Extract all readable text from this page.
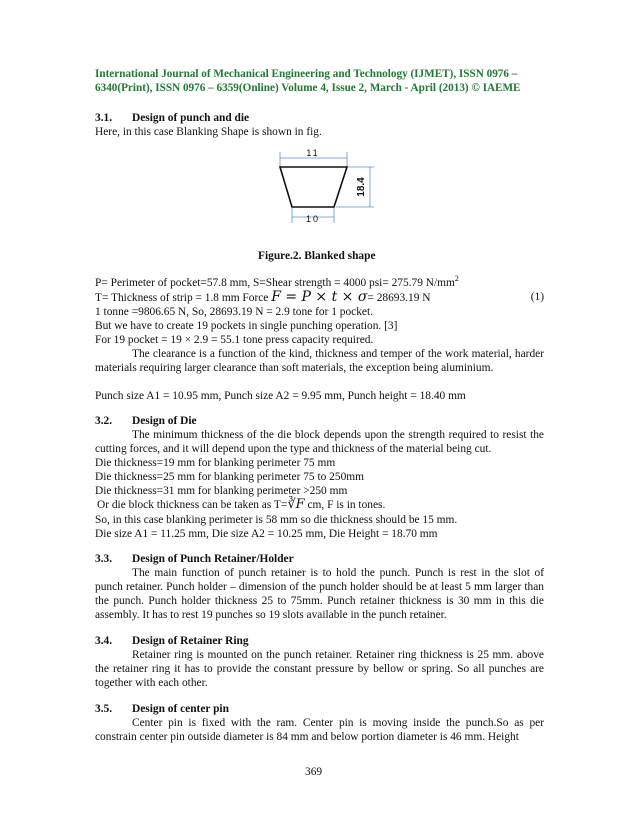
International Journal of Mechanical Engineering and Technology (IJMET), ISSN 0976 –
6340(Print), ISSN 0976 – 6359(Online) Volume 4, Issue 2, March - April (2013) © IAEME
3.1. Design of punch and die
Here, in this case Blanking Shape is shown in fig.
11
10
18.4
Figure.2. Blanked shape
P= Perimeter of pocket=57.8 mm, S=Shear strength = 4000 psi= 275.79 $N/mm^2$
T= Thickness of strip = 1.8 mm Force F = P × t × σ= 28693.19 N	(1)
1 tonne =9806.65 N, So, 28693.19 N = 2.9 tone for 1 pocket.
But we have to create 19 pockets in single punching operation. [3]
For 19 pocket = 19 × 2.9 = 55.1 tone press capacity required.
The clearance is a function of the kind, thickness and temper of the work material, harder materials requiring larger clearance than soft materials, the exception being aluminium.
Punch size A1 = 10.95 mm, Punch size A2 = 9.95 mm, Punch height = 18.40 mm
3.2. Design of Die
The minimum thickness of the die block depends upon the strength required to resist the cutting forces, and it will depend upon the type and thickness of the material being cut.
Die thickness=19 mm for blanking perimeter 75 mm
Die thickness=25 mm for blanking perimeter 75 to 250mm
Die thickness=31 mm for blanking perimeter >250 mm
Or die block thickness can be taken as T=∛F cm, F is in tones.
So, in this case blanking perimeter is 58 mm so die thickness should be 15 mm.
Die size A1 = 11.25 mm, Die size A2 = 10.25 mm, Die Height = 18.70 mm
3.3. Design of Punch Retainer/Holder
The main function of punch retainer is to hold the punch. Punch is rest in the slot of punch retainer. Punch holder – dimension of the punch holder should be at least 5 mm larger than the punch. Punch holder thickness 25 to 75mm. Punch retainer thickness is 30 mm in this die assembly. It has to rest 19 punches so 19 slots available in the punch retainer.
3.4. Design of Retainer Ring
Retainer ring is mounted on the punch retainer. Retainer ring thickness is 25 mm. above the retainer ring it has to provide the constant pressure by bellow or spring. So all punches are together with each other.
3.5. Design of center pin
Center pin is fixed with the ram. Center pin is moving inside the punch.So as per constrain center pin outside diameter is 84 mm and below portion diameter is 46 mm. Height
369
